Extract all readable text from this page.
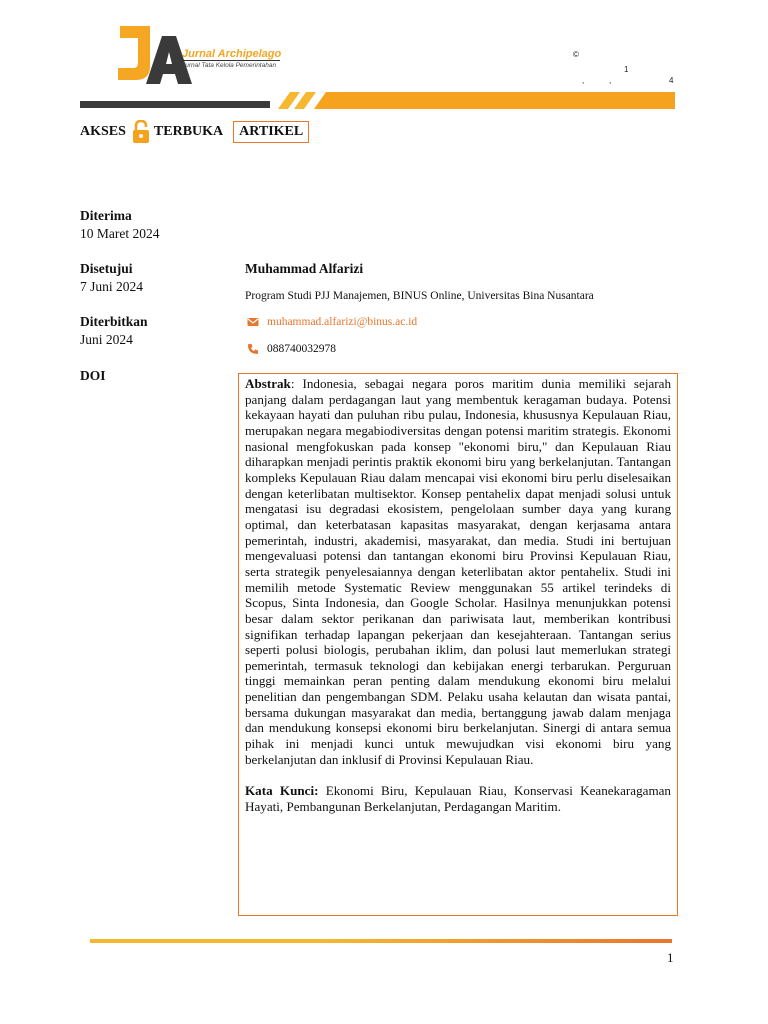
Jurnal Archipelago
Jurnal Tata Kelola Pemerintahan
©
1
,	,	4
AKSES TERBUKA	ARTIKEL
Diterima
10 Maret 2024
Disetujui
7 Juni 2024
Diterbitkan
Juni 2024
DOI
Muhammad Alfarizi
Program Studi PJJ Manajemen, BINUS Online, Universitas Bina Nusantara
muhammad.alfarizi@binus.ac.id
088740032978

Abstrak: Indonesia, sebagai negara poros maritim dunia memiliki sejarah panjang dalam perdagangan laut yang membentuk keragaman budaya. Potensi kekayaan hayati dan puluhan ribu pulau, Indonesia, khususnya Kepulauan Riau, merupakan negara megabiodiversitas dengan potensi maritim strategis. Ekonomi nasional mengfokuskan pada konsep "ekonomi biru," dan Kepulauan Riau diharapkan menjadi perintis praktik ekonomi biru yang berkelanjutan. Tantangan kompleks Kepulauan Riau dalam mencapai visi ekonomi biru perlu diselesaikan dengan keterlibatan multisektor. Konsep pentahelix dapat menjadi solusi untuk mengatasi isu degradasi ekosistem, pengelolaan sumber daya yang kurang optimal, dan keterbatasan kapasitas masyarakat, dengan kerjasama antara pemerintah, industri, akademisi, masyarakat, dan media. Studi ini bertujuan mengevaluasi potensi dan tantangan ekonomi biru Provinsi Kepulauan Riau, serta strategik penyelesaiannya dengan keterlibatan aktor pentahelix. Studi ini memilih metode Systematic Review menggunakan 55 artikel terindeks di Scopus, Sinta Indonesia, dan Google Scholar. Hasilnya menunjukkan potensi besar dalam sektor perikanan dan pariwisata laut, memberikan kontribusi signifikan terhadap lapangan pekerjaan dan kesejahteraan. Tantangan serius seperti polusi biologis, perubahan iklim, dan polusi laut memerlukan strategi pemerintah, termasuk teknologi dan kebijakan energi terbarukan. Perguruan tinggi memainkan peran penting dalam mendukung ekonomi biru melalui penelitian dan pengembangan SDM. Pelaku usaha kelautan dan wisata pantai, bersama dukungan masyarakat dan media, bertanggung jawab dalam menjaga dan mendukung konsepsi ekonomi biru berkelanjutan. Sinergi di antara semua pihak ini menjadi kunci untuk mewujudkan visi ekonomi biru yang berkelanjutan dan inklusif di Provinsi Kepulauan Riau.

Kata Kunci: Ekonomi Biru, Kepulauan Riau, Konservasi Keanekaragaman Hayati, Pembangunan Berkelanjutan, Perdagangan Maritim.

1
